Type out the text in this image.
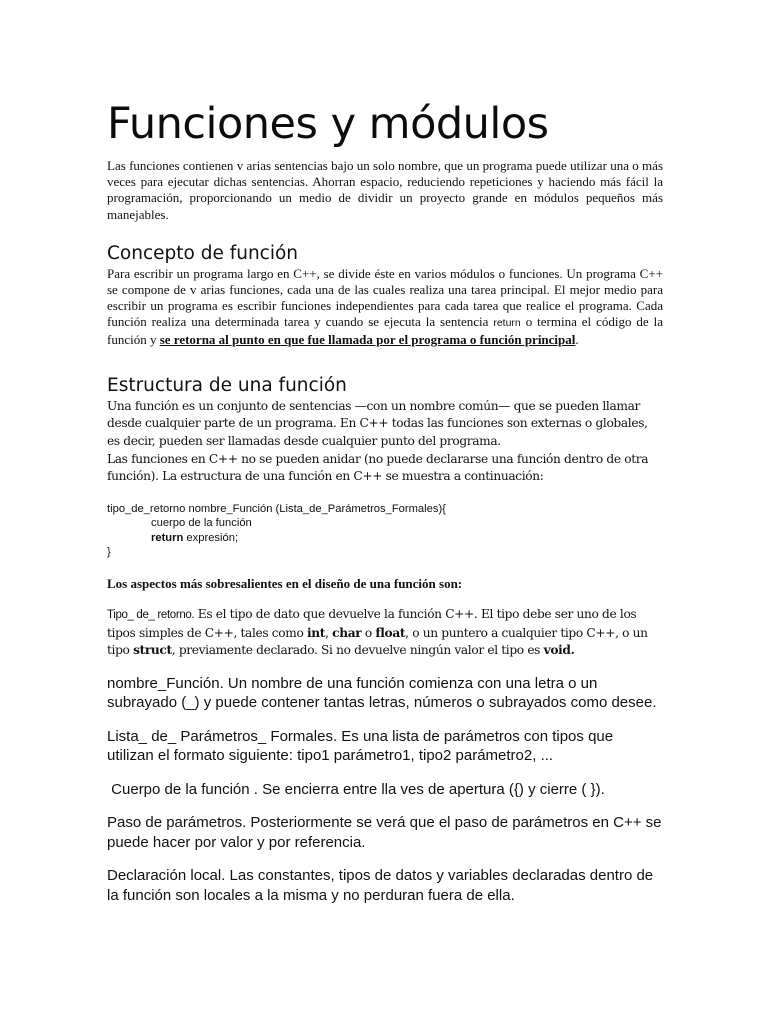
Funciones y módulos

Las funciones contienen v arias sentencias bajo un solo nombre, que un programa puede utilizar una o más veces para ejecutar dichas sentencias. Ahorran espacio, reduciendo repeticiones y haciendo más fácil la programación, proporcionando un medio de dividir un proyecto grande en módulos pequeños más manejables.

Concepto de función

Para escribir un programa largo en C++, se divide éste en varios módulos o funciones. Un programa C++ se compone de v arias funciones, cada una de las cuales realiza una tarea principal. El mejor medio para escribir un programa es escribir funciones independientes para cada tarea que realice el programa. Cada función realiza una determinada tarea y cuando se ejecuta la sentencia return o termina el código de la función y se retorna al punto en que fue llamada por el programa o función principal.

Estructura de una función

Una función es un conjunto de sentencias —con un nombre común— que se pueden llamar desde cualquier parte de un programa. En C++ todas las funciones son externas o globales, es decir, pueden ser llamadas desde cualquier punto del programa.

Las funciones en C++ no se pueden anidar (no puede declararse una función dentro de otra función). La estructura de una función en C++ se muestra a continuación:

tipo_de_retorno nombre_Función (Lista_de_Parámetros_Formales){

cuerpo de la función

return expresión;

}

Los aspectos más sobresalientes en el diseño de una función son:

Tipo_ de_ retorno. Es el tipo de dato que devuelve la función C++. El tipo debe ser uno de los tipos simples de C++, tales como int, char o float, o un puntero a cualquier tipo C++, o un tipo struct, previamente declarado. Si no devuelve ningún valor el tipo es void.

nombre_Función. Un nombre de una función comienza con una letra o un subrayado (_) y puede contener tantas letras, números o subrayados como desee.

Lista_ de_ Parámetros_ Formales. Es una lista de parámetros con tipos que utilizan el formato siguiente: tipo1 parámetro1, tipo2 parámetro2, ...

Cuerpo de la función . Se encierra entre lla ves de apertura ({) y cierre ( }).

Paso de parámetros. Posteriormente se verá que el paso de parámetros en C++ se puede hacer por valor y por referencia.

Declaración local. Las constantes, tipos de datos y variables declaradas dentro de la función son locales a la misma y no perduran fuera de ella.
